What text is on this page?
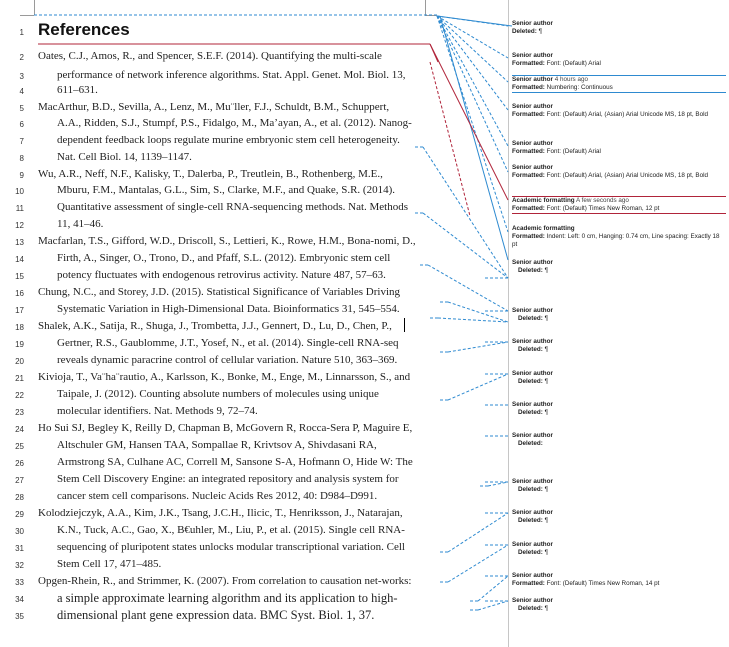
1 References
2 Oates, C.J., Amos, R., and Spencer, S.E.F. (2014). Quantifying the multi-scale
3	performance of network inference algorithms. Stat. Appl. Genet. Mol. Biol. 13,
4	611–631.
5 MacArthur, B.D., Sevilla, A., Lenz, M., Mu¨ller, F.J., Schuldt, B.M., Schuppert,
6	A.A., Ridden, S.J., Stumpf, P.S., Fidalgo, M., Ma’ayan, A., et al. (2012). Nanog-
7	dependent feedback loops regulate murine embryonic stem cell heterogeneity.
8	Nat. Cell Biol. 14, 1139–1147.
9 Wu, A.R., Neff, N.F., Kalisky, T., Dalerba, P., Treutlein, B., Rothenberg, M.E.,
10	Mburu, F.M., Mantalas, G.L., Sim, S., Clarke, M.F., and Quake, S.R. (2014).
11	Quantitative assessment of single-cell RNA-sequencing methods. Nat. Methods
12	11, 41–46.
13 Macfarlan, T.S., Gifford, W.D., Driscoll, S., Lettieri, K., Rowe, H.M., Bona-nomi, D.,
14	Firth, A., Singer, O., Trono, D., and Pfaff, S.L. (2012). Embryonic stem cell
15	potency fluctuates with endogenous retrovirus activity. Nature 487, 57–63.
16 Chung, N.C., and Storey, J.D. (2015). Statistical Significance of Variables Driving
17	Systematic Variation in High-Dimensional Data. Bioinformatics 31, 545–554.
18 Shalek, A.K., Satija, R., Shuga, J., Trombetta, J.J., Gennert, D., Lu, D., Chen, P.,
19	Gertner, R.S., Gaublomme, J.T., Yosef, N., et al. (2014). Single-cell RNA-seq
20	reveals dynamic paracrine control of cellular variation. Nature 510, 363–369.
21 Kivioja, T., Va¨ha¨rautio, A., Karlsson, K., Bonke, M., Enge, M., Linnarsson, S., and
22	Taipale, J. (2012). Counting absolute numbers of molecules using unique
23	molecular identifiers. Nat. Methods 9, 72–74.
24 Ho Sui SJ, Begley K, Reilly D, Chapman B, McGovern R, Rocca-Sera P, Maguire E,
25	Altschuler GM, Hansen TAA, Sompallae R, Krivtsov A, Shivdasani RA,
26	Armstrong SA, Culhane AC, Correll M, Sansone S-A, Hofmann O, Hide W: The
27	Stem Cell Discovery Engine: an integrated repository and analysis system for
28	cancer stem cell comparisons. Nucleic Acids Res 2012, 40: D984–D991.
29 Kolodziejczyk, A.A., Kim, J.K., Tsang, J.C.H., Ilicic, T., Henriksson, J., Natarajan,
30	K.N., Tuck, A.C., Gao, X., B€uhler, M., Liu, P., et al. (2015). Single cell RNA-
31	sequencing of pluripotent states unlocks modular transcriptional variation. Cell
32	Stem Cell 17, 471–485.
33 Opgen-Rhein, R., and Strimmer, K. (2007). From correlation to causation net-works:
34	a simple approximate learning algorithm and its application to high-
35	dimensional plant gene expression data. BMC Syst. Biol. 1, 37.
Senior author
Deleted: ¶
Senior author
Formatted: Font: (Default) Arial
Senior author 4 hours ago
Formatted: Numbering: Continuous
Senior author
Formatted: Font: (Default) Arial, (Asian) Arial Unicode MS, 18 pt, Bold
Senior author
Formatted: Font: (Default) Arial
Senior author
Formatted: Font: (Default) Arial, (Asian) Arial Unicode MS, 18 pt, Bold
Academic formatting A few seconds ago
Formatted: Font: (Default) Times New Roman, 12 pt
Academic formatting
Formatted: Indent: Left: 0 cm, Hanging: 0.74 cm, Line spacing: Exactly 18 pt
Senior author
Deleted: ¶
Senior author
Deleted: ¶
Senior author
Deleted: ¶
Senior author
Deleted: ¶
Senior author
Deleted: ¶
Senior author
Deleted:
Senior author
Deleted: ¶
Senior author
Deleted: ¶
Senior author
Deleted: ¶
Senior author
Formatted: Font: (Default) Times New Roman, 14 pt
Senior author
Deleted: ¶
